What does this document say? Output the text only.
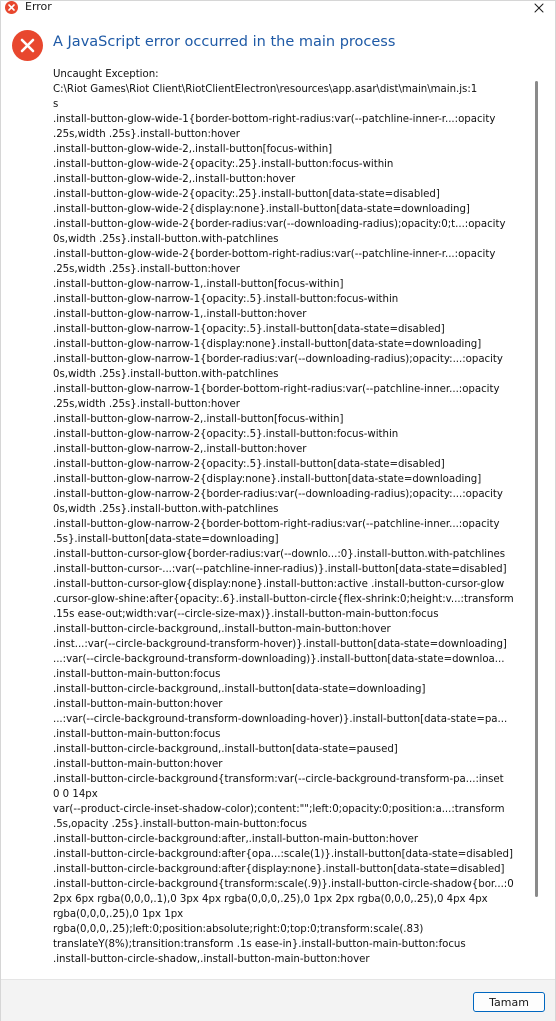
Error
A JavaScript error occurred in the main process
Uncaught Exception:
C:\Riot Games\Riot Client\RiotClientElectron\resources\app.asar\dist\main\main.js:1
s
.install-button-glow-wide-1{border-bottom-right-radius:var(--patchline-inner-r...:opacity
.25s,width .25s}.install-button:hover
.install-button-glow-wide-2,.install-button[focus-within]
.install-button-glow-wide-2{opacity:.25}.install-button:focus-within
.install-button-glow-wide-2,.install-button:hover
.install-button-glow-wide-2{opacity:.25}.install-button[data-state=disabled]
.install-button-glow-wide-2{display:none}.install-button[data-state=downloading]
.install-button-glow-wide-2{border-radius:var(--downloading-radius);opacity:0;t...:opacity
0s,width .25s}.install-button.with-patchlines
.install-button-glow-wide-2{border-bottom-right-radius:var(--patchline-inner-r...:opacity
.25s,width .25s}.install-button:hover
.install-button-glow-narrow-1,.install-button[focus-within]
.install-button-glow-narrow-1{opacity:.5}.install-button:focus-within
.install-button-glow-narrow-1,.install-button:hover
.install-button-glow-narrow-1{opacity:.5}.install-button[data-state=disabled]
.install-button-glow-narrow-1{display:none}.install-button[data-state=downloading]
.install-button-glow-narrow-1{border-radius:var(--downloading-radius);opacity:...:opacity
0s,width .25s}.install-button.with-patchlines
.install-button-glow-narrow-1{border-bottom-right-radius:var(--patchline-inner...:opacity
.25s,width .25s}.install-button:hover
.install-button-glow-narrow-2,.install-button[focus-within]
.install-button-glow-narrow-2{opacity:.5}.install-button:focus-within
.install-button-glow-narrow-2,.install-button:hover
.install-button-glow-narrow-2{opacity:.5}.install-button[data-state=disabled]
.install-button-glow-narrow-2{display:none}.install-button[data-state=downloading]
.install-button-glow-narrow-2{border-radius:var(--downloading-radius);opacity:...:opacity
0s,width .25s}.install-button.with-patchlines
.install-button-glow-narrow-2{border-bottom-right-radius:var(--patchline-inner...:opacity
.5s}.install-button[data-state=downloading]
.install-button-cursor-glow{border-radius:var(--downlo...:0}.install-button.with-patchlines
.install-button-cursor-...:var(--patchline-inner-radius)}.install-button[data-state=disabled]
.install-button-cursor-glow{display:none}.install-button:active .install-button-cursor-glow
.cursor-glow-shine:after{opacity:.6}.install-button-circle{flex-shrink:0;height:v...:transform
.15s ease-out;width:var(--circle-size-max)}.install-button-main-button:focus
.install-button-circle-background,.install-button-main-button:hover
.inst...:var(--circle-background-transform-hover)}.install-button[data-state=downloading]
...:var(--circle-background-transform-downloading)}.install-button[data-state=downloa...
.install-button-main-button:focus
.install-button-circle-background,.install-button[data-state=downloading]
.install-button-main-button:hover
...:var(--circle-background-transform-downloading-hover)}.install-button[data-state=pa...
.install-button-main-button:focus
.install-button-circle-background,.install-button[data-state=paused]
.install-button-main-button:hover
.install-button-circle-background{transform:var(--circle-background-transform-pa...:inset
0 0 14px
var(--product-circle-inset-shadow-color);content:"";left:0;opacity:0;position:a...:transform
.5s,opacity .25s}.install-button-main-button:focus
.install-button-circle-background:after,.install-button-main-button:hover
.install-button-circle-background:after{opa...:scale(1)}.install-button[data-state=disabled]
.install-button-circle-background:after{display:none}.install-button[data-state=disabled]
.install-button-circle-background{transform:scale(.9)}.install-button-circle-shadow{bor...:0
2px 6px rgba(0,0,0,.1),0 3px 4px rgba(0,0,0,.25),0 1px 2px rgba(0,0,0,.25),0 4px 4px
rgba(0,0,0,.25),0 1px 1px
rgba(0,0,0,.25);left:0;position:absolute;right:0;top:0;transform:scale(.83)
translateY(8%);transition:transform .1s ease-in}.install-button-main-button:focus
.install-button-circle-shadow,.install-button-main-button:hover
Tamam
